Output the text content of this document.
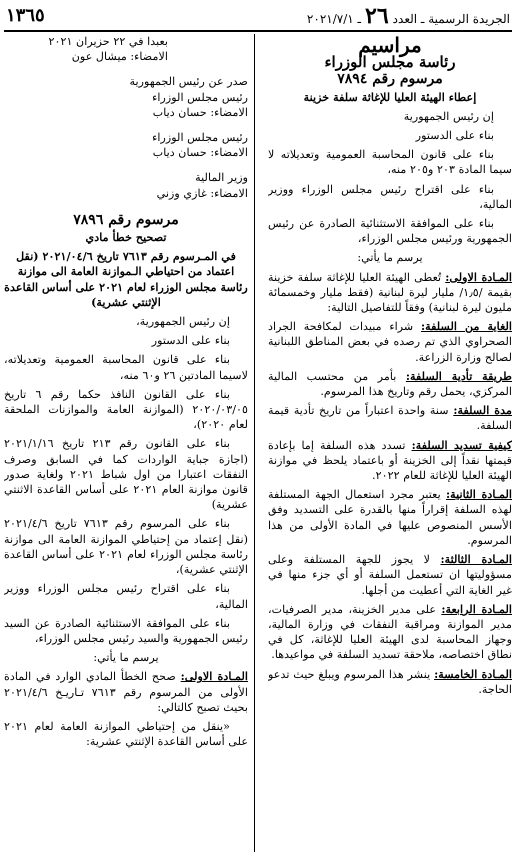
الجريدة الرسمية ـ العدد
٢٦
ـ ٢٠٢١/٧/١
١٣٦٥
مراسيم
رئاسة مجلس الوزراء
مرسوم رقم ٧٨٩٤

إعطاء الهيئة العليا للإغاثة سلفة خزينة

إن رئيس الجمهورية

بناء على الدستور

بناء على قانون المحاسبة العمومية وتعديلاته لا سيما المادة ٢٠٣ و٢٠٥ منه،

بناء على اقتراح رئيس مجلس الوزراء ووزير المالية،

بناء على الموافقة الاستثنائية الصادرة عن رئيس الجمهورية ورئيس مجلس الوزراء،

يرسم ما يأتي:

المـادة الاولى: تُعطى الهيئة العليا للإغاثة سلفة خزينة بقيمة /١٫٥/ مليار ليرة لبنانية (فقط مليار وخمسمائة مليون ليرة لبنانية) وفقاً للتفاصيل التالية:

الغاية من السلفة: شراء مبيدات لمكافحة الجراد الصحراوي الذي تم رصده في بعض المناطق اللبنانية لصالح وزارة الزراعة.

طريقة تأدية السلفة: بأمر من محتسب المالية المركزي، يحمل رقم وتاريخ هذا المرسوم.

مدة السلفة: سنة واحدة اعتباراً من تاريخ تأدية قيمة السلفة.

كيفية تسديد السلفة: تسدد هذه السلفة إما بإعادة قيمتها نقداً إلى الخزينة أو باعتماد يلحظ في موازنة الهيئة العليا للإغاثة للعام ٢٠٢٢.

المـادة الثانية: يعتبر مجرد استعمال الجهة المستلفة لهذه السلفة إقراراً منها بالقدرة على التسديد وفق الأسس المنصوص عليها في المادة الأولى من هذا المرسوم.

المـادة الثالثة: لا يجوز للجهة المستلفة وعلى مسؤوليتها ان تستعمل السلفة أو أي جزء منها في غير الغاية التي أعطيت من أجلها.

المـادة الرابعة: على مدير الخزينة، مدير الصرفيات، مدير الموازنة ومراقبة النفقات في وزارة المالية، وجهاز المحاسبة لدى الهيئة العليا للإغاثة، كل في نطاق اختصاصه، ملاحقة تسديد السلفة في مواعيدها.

المـادة الخامسة: ينشر هذا المرسوم ويبلغ حيث تدعو الحاجة.

بعبدا في ٢٢ حزيران ٢٠٢١

الامضاء: ميشال عون

صدر عن رئيس الجمهورية

رئيس مجلس الوزراء

الامضاء: حسان دياب

رئيس مجلس الوزراء

الامضاء: حسان دياب

وزير المالية

الامضاء: غازي وزني

مرسوم رقم ٧٨٩٦

تصحيح خطأ مادي

في المـرسوم رقم ٧٦١٣ تاريخ ٢٠٢١/٠٤/٦ (نقل اعتماد من احتياطي الـموازنة العامة الى موازنة رئاسة مجلس الوزراء لعام ٢٠٢١ على أساس القاعدة الإثنتي عشرية)

إن رئيس الجمهورية،

بناء على الدستور

بناء على قانون المحاسبة العمومية وتعديلاته، لاسيما المادتين ٢٦ و٦٠ منه،

بناء على القانون النافذ حكما رقم ٦ تاريخ ٢٠٢٠/٠٣/٠٥ (الموازنة العامة والموازنات الملحقة لعام ٢٠٢٠)،

بناء على القانون رقم ٢١٣ تاريخ ٢٠٢١/١/١٦ (اجازة جباية الواردات كما في السابق وصرف النفقات اعتبارا من اول شباط ٢٠٢١ ولغاية صدور قانون موازنة العام ٢٠٢١ على أساس القاعدة الاثنتي عشرية)

بناء على المرسوم رقم ٧٦١٣ تاريخ ٢٠٢١/٤/٦ (نقل إعتماد من إحتياطي الموازنة العامة الى موازنة رئاسة مجلس الوزراء لعام ٢٠٢١ على أساس القاعدة الإثنتي عشرية)،

بناء على اقتراح رئيس مجلس الوزراء ووزير المالية،

بناء على الموافقة الاستثنائية الصادرة عن السيد رئيس الجمهورية والسيد رئيس مجلس الوزراء،

يرسم ما يأتي:

المـادة الاولى: صحح الخطأ المادي الوارد في المادة الأولى من المرسوم رقم ٧٦١٣ تـاريـخ ٢٠٢١/٤/٦ بحيث تصبح كالتالي:

«ينقل من إحتياطي الموازنة العامة لعام ٢٠٢١ على أساس القاعدة الإثنتي عشرية:
